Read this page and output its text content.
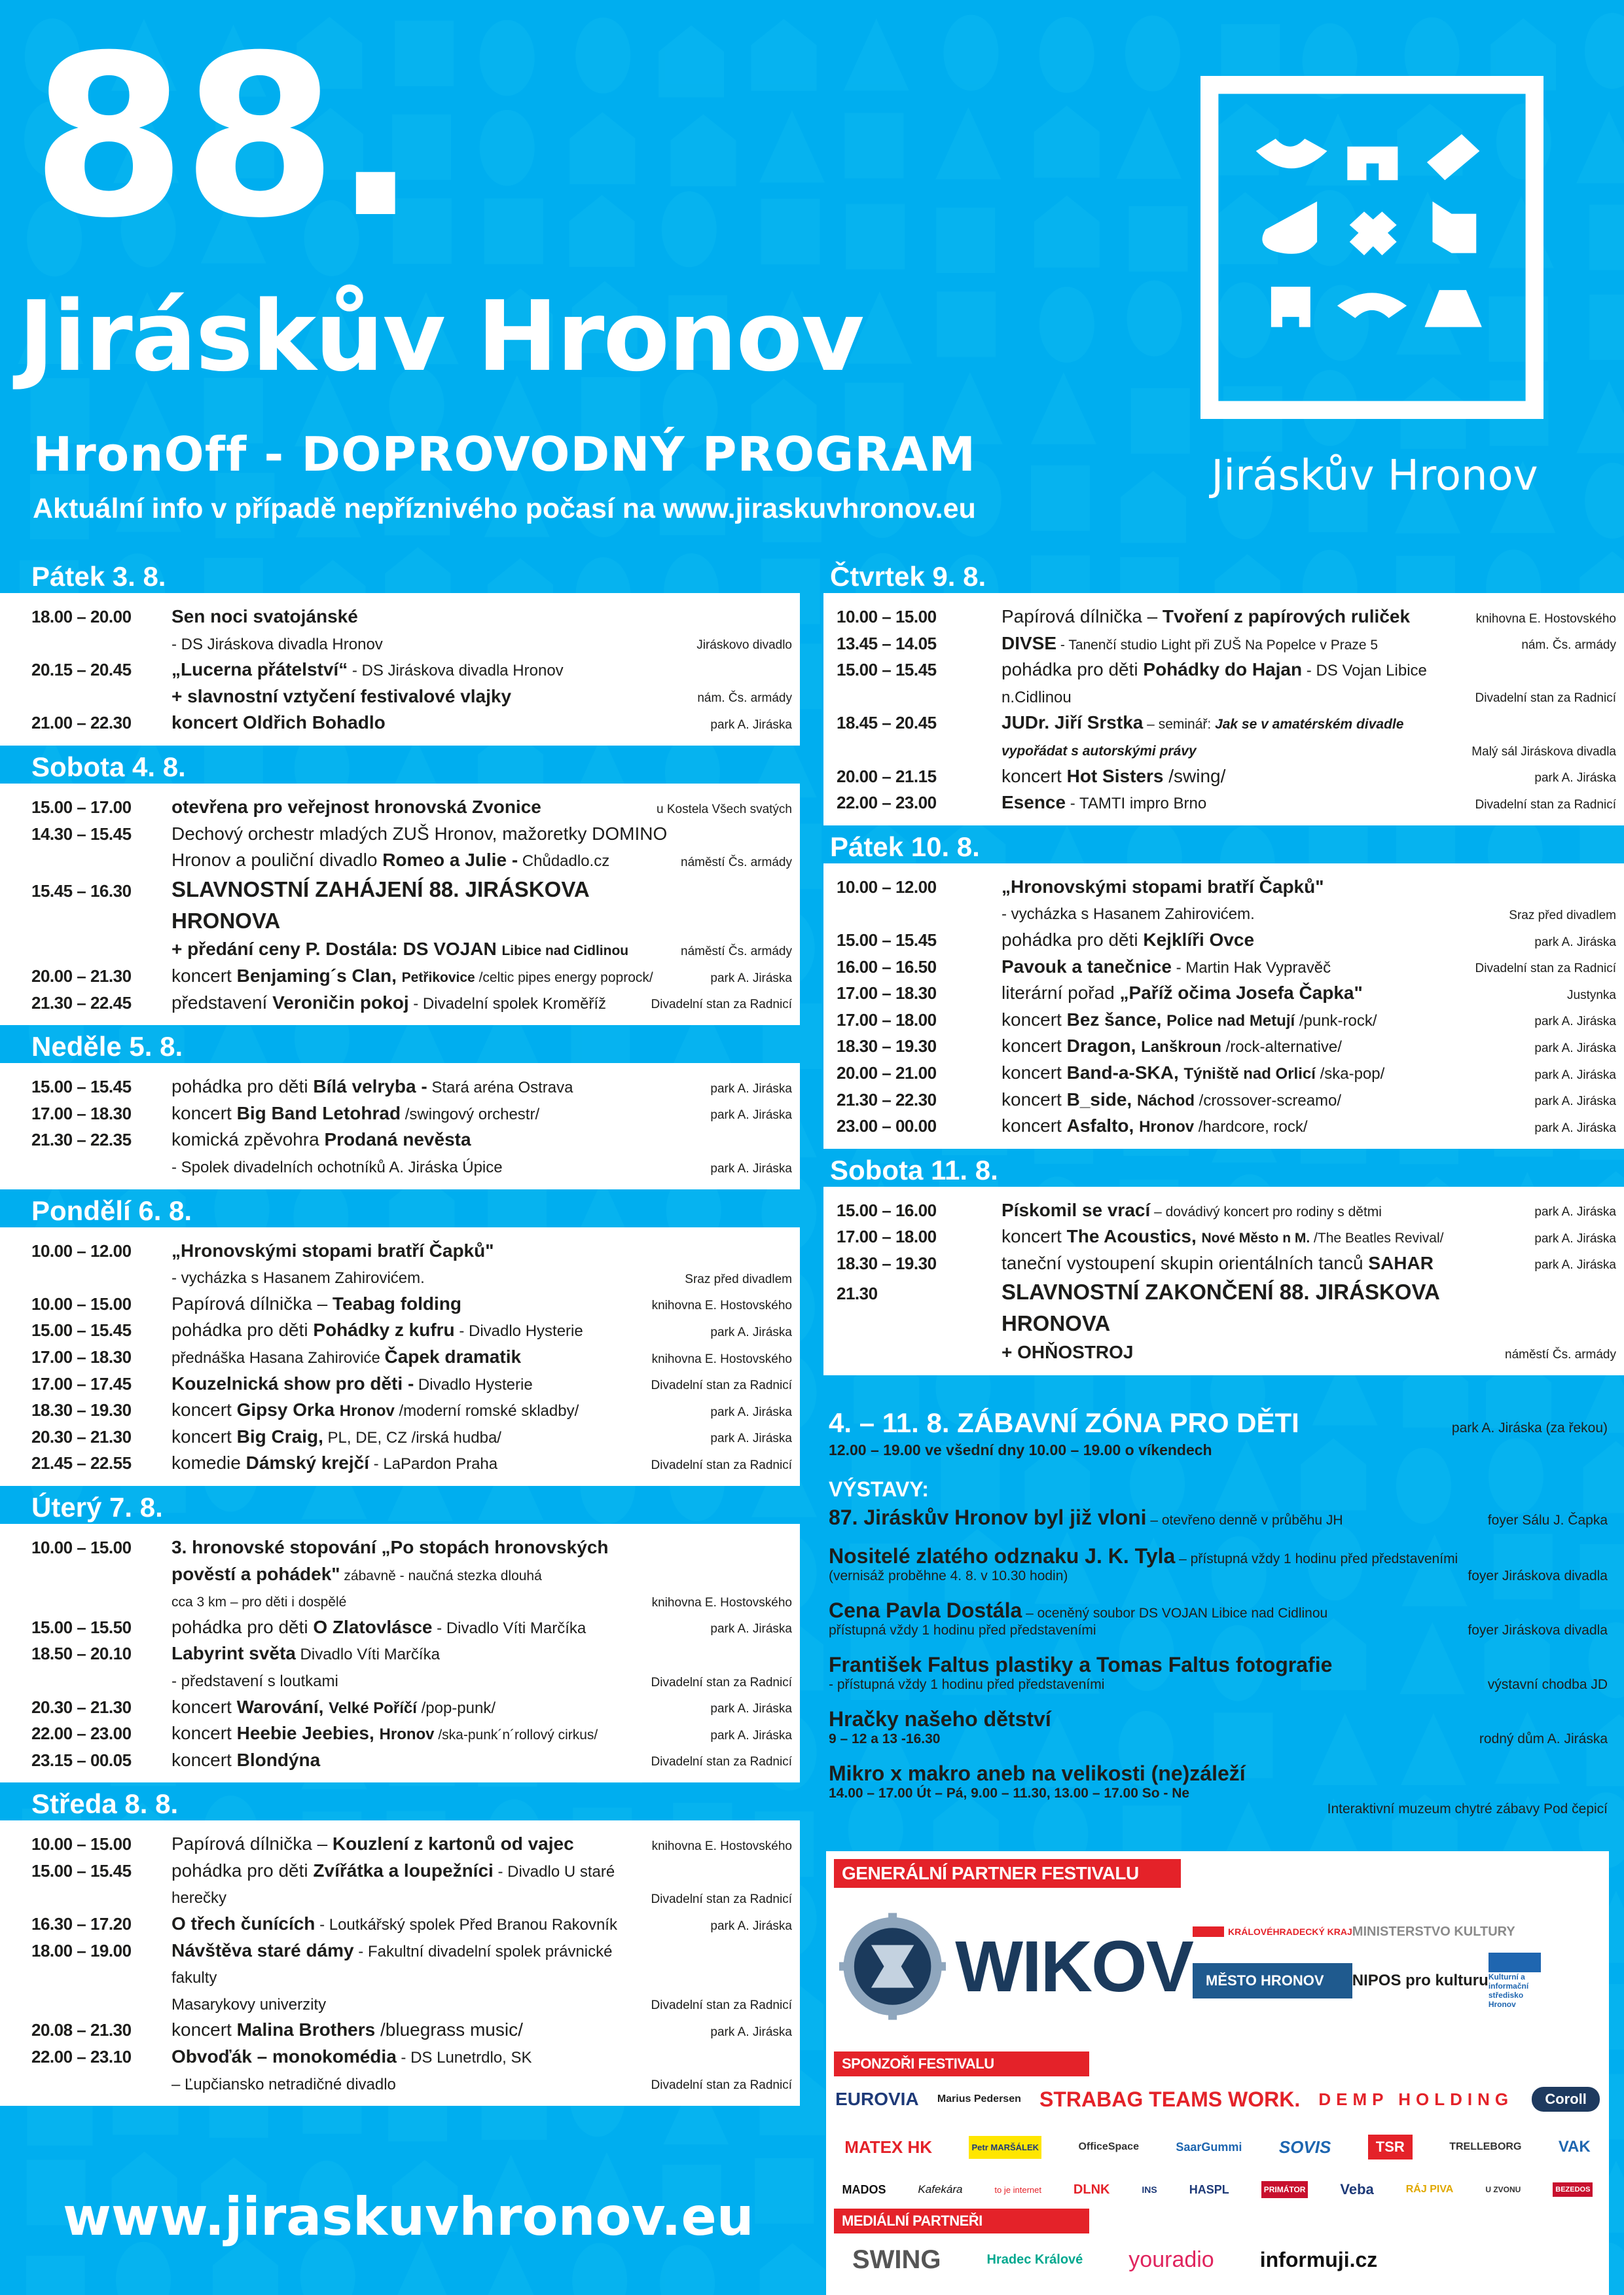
88.
Jiráskův Hronov
HronOff - DOPROVODNÝ PROGRAM
Aktuální info v případě nepříznivého počasí na www.jiraskuvhronov.eu
Jiráskův Hronov
Pátek 3. 8.
18.00 – 20.00	Sen noci svatojánské
- DS Jiráskova divadla Hronov	Jiráskovo divadlo
20.15 – 20.45	„Lucerna přátelství“ - DS Jiráskova divadla Hronov
+ slavnostní vztyčení festivalové vlajky	nám. Čs. armády
21.00 – 22.30	koncert Oldřich Bohadlo	park A. Jiráska
Sobota 4. 8.
15.00 – 17.00	otevřena pro veřejnost hronovská Zvonice	u Kostela Všech svatých
14.30 – 15.45	Dechový orchestr mladých ZUŠ Hronov, mažoretky DOMINO
Hronov a pouliční divadlo Romeo a Julie - Chůdadlo.cz	náměstí Čs. armády
15.45 – 16.30	SLAVNOSTNÍ ZAHÁJENÍ 88. JIRÁSKOVA HRONOVA
+ předání ceny P. Dostála: DS VOJAN Libice nad Cidlinou	náměstí Čs. armády
20.00 – 21.30	koncert Benjaming´s Clan, Petřikovice /celtic pipes energy poprock/	park A. Jiráska
21.30 – 22.45	představení Veroničin pokoj - Divadelní spolek Kroměříž	Divadelní stan za Radnicí
Neděle 5. 8.
15.00 – 15.45	pohádka pro děti Bílá velryba - Stará aréna Ostrava	park A. Jiráska
17.00 – 18.30	koncert Big Band Letohrad /swingový orchestr/	park A. Jiráska
21.30 – 22.35	komická zpěvohra Prodaná nevěsta
- Spolek divadelních ochotníků A. Jiráska Úpice	park A. Jiráska
Pondělí 6. 8.
10.00 – 12.00	„Hronovskými stopami bratří Čapků"
- vycházka s Hasanem Zahirovićem.	Sraz před divadlem
10.00 – 15.00	Papírová dílnička – Teabag folding	knihovna E. Hostovského
15.00 – 15.45	pohádka pro děti Pohádky z kufru - Divadlo Hysterie	park A. Jiráska
17.00 – 18.30	přednáška Hasana Zahiroviće Čapek dramatik	knihovna E. Hostovského
17.00 – 17.45	Kouzelnická show pro děti - Divadlo Hysterie	Divadelní stan za Radnicí
18.30 – 19.30	koncert Gipsy Orka Hronov /moderní romské skladby/	park A. Jiráska
20.30 – 21.30	koncert Big Craig, PL, DE, CZ /irská hudba/	park A. Jiráska
21.45 – 22.55	komedie Dámský krejčí - LaPardon Praha	Divadelní stan za Radnicí
Úterý 7. 8.
10.00 – 15.00	3. hronovské stopování „Po stopách hronovských
pověstí a pohádek" zábavně - naučná stezka dlouhá
cca 3 km – pro děti i dospělé	knihovna E. Hostovského
15.00 – 15.50	pohádka pro děti O Zlatovlásce - Divadlo Víti Marčíka	park A. Jiráska
18.50 – 20.10	Labyrint světa Divadlo Víti Marčíka
- představení s loutkami	Divadelní stan za Radnicí
20.30 – 21.30	koncert Warování, Velké Poříčí /pop-punk/	park A. Jiráska
22.00 – 23.00	koncert Heebie Jeebies, Hronov /ska-punk´n´rollový cirkus/	park A. Jiráska
23.15 – 00.05	koncert Blondýna	Divadelní stan za Radnicí
Středa 8. 8.
10.00 – 15.00	Papírová dílnička – Kouzlení z kartonů od vajec	knihovna E. Hostovského
15.00 – 15.45	pohádka pro děti Zvířátka a loupežníci - Divadlo U staré herečky	Divadelní stan za Radnicí
16.30 – 17.20	O třech čunících - Loutkářský spolek Před Branou Rakovník	park A. Jiráska
18.00 – 19.00	Návštěva staré dámy - Fakultní divadelní spolek právnické fakulty
Masarykovy univerzity	Divadelní stan za Radnicí
20.08 – 21.30	koncert Malina Brothers /bluegrass music/	park A. Jiráska
22.00 – 23.10	Obvoďák – monokomédia - DS Lunetrdlo, SK
– Ľupčiansko netradičné divadlo	Divadelní stan za Radnicí
Čtvrtek 9. 8.
10.00 – 15.00	Papírová dílnička – Tvoření z papírových ruliček	knihovna E. Hostovského
13.45 – 14.05	DIVSE - Tanenčí studio Light při ZUŠ Na Popelce v Praze 5	nám. Čs. armády
15.00 – 15.45	pohádka pro děti Pohádky do Hajan - DS Vojan Libice n.Cidlinou	Divadelní stan za Radnicí
18.45 – 20.45	JUDr. Jiří Srstka – seminář: Jak se v amatérském divadle
vypořádat s autorskými právy	Malý sál Jiráskova divadla
20.00 – 21.15	koncert Hot Sisters /swing/	park A. Jiráska
22.00 – 23.00	Esence - TAMTI impro Brno	Divadelní stan za Radnicí
Pátek 10. 8.
10.00 – 12.00	„Hronovskými stopami bratří Čapků"
- vycházka s Hasanem Zahirovićem.	Sraz před divadlem
15.00 – 15.45	pohádka pro děti Kejklíři Ovce	park A. Jiráska
16.00 – 16.50	Pavouk a tanečnice - Martin Hak Vypravěč	Divadelní stan za Radnicí
17.00 – 18.30	literární pořad „Paříž očima Josefa Čapka"	Justynka
17.00 – 18.00	koncert Bez šance, Police nad Metují /punk-rock/	park A. Jiráska
18.30 – 19.30	koncert Dragon, Lanškroun /rock-alternative/	park A. Jiráska
20.00 – 21.00	koncert Band-a-SKA, Týniště nad Orlicí /ska-pop/	park A. Jiráska
21.30 – 22.30	koncert B_side, Náchod /crossover-screamo/	park A. Jiráska
23.00 – 00.00	koncert Asfalto, Hronov /hardcore, rock/	park A. Jiráska
Sobota 11. 8.
15.00 – 16.00	Pískomil se vrací – dovádivý koncert pro rodiny s dětmi	park A. Jiráska
17.00 – 18.00	koncert The Acoustics, Nové Město n M. /The Beatles Revival/	park A. Jiráska
18.30 – 19.30	taneční vystoupení skupin orientálních tanců SAHAR	park A. Jiráska
21.30	SLAVNOSTNÍ ZAKONČENÍ 88. JIRÁSKOVA HRONOVA
+ OHŇOSTROJ	náměstí Čs. armády
4. – 11. 8. ZÁBAVNÍ ZÓNA PRO DĚTI	park A. Jiráska (za řekou)
12.00 – 19.00 ve všední dny 10.00 – 19.00 o víkendech
VÝSTAVY:
87. Jiráskův Hronov byl již vloni – otevřeno denně v průběhu JH	foyer Sálu J. Čapka
Nositelé zlatého odznaku J. K. Tyla – přístupná vždy 1 hodinu před představeními
(vernisáž proběhne 4. 8. v 10.30 hodin)	foyer Jiráskova divadla
Cena Pavla Dostála – oceněný soubor DS VOJAN Libice nad Cidlinou
přístupná vždy 1 hodinu před představeními	foyer Jiráskova divadla
František Faltus plastiky a Tomas Faltus fotografie
- přístupná vždy 1 hodinu před představeními	výstavní chodba JD
Hračky našeho dětství
9 – 12 a 13 -16.30	rodný dům A. Jiráska
Mikro x makro aneb na velikosti (ne)záleží
14.00 – 17.00 Út – Pá, 9.00 – 11.30, 13.00 – 17.00 So - Ne
Interaktivní muzeum chytré zábavy Pod čepicí
GENERÁLNÍ PARTNER FESTIVALU
WIKOV	KRÁLOVÉHRADECKÝ KRAJ MINISTERSTVO KULTURY
MĚSTO HRONOV	NIPOS pro kulturu Kulturní a informační středisko Hronov
SPONZOŘI FESTIVALU
EUROVIA Marius Pedersen STRABAG TEAMS WORK. DEMP HOLDING	Coroll
MATEX HK	Petr MARŠÁLEK	OfficeSpace	SaarGummi SOVIS	TSR	TRELLEBORG VAK
MADOS	Kafekára	to je internet DLNK	INS	HASPL	PRIMÁTOR Veba	RÁJ PIVA	U ZVONU	BEZEDOS
MEDIÁLNÍ PARTNEŘI
SWING	Hradec Králové youradio informuji.cz
www.jiraskuvhronov.eu
